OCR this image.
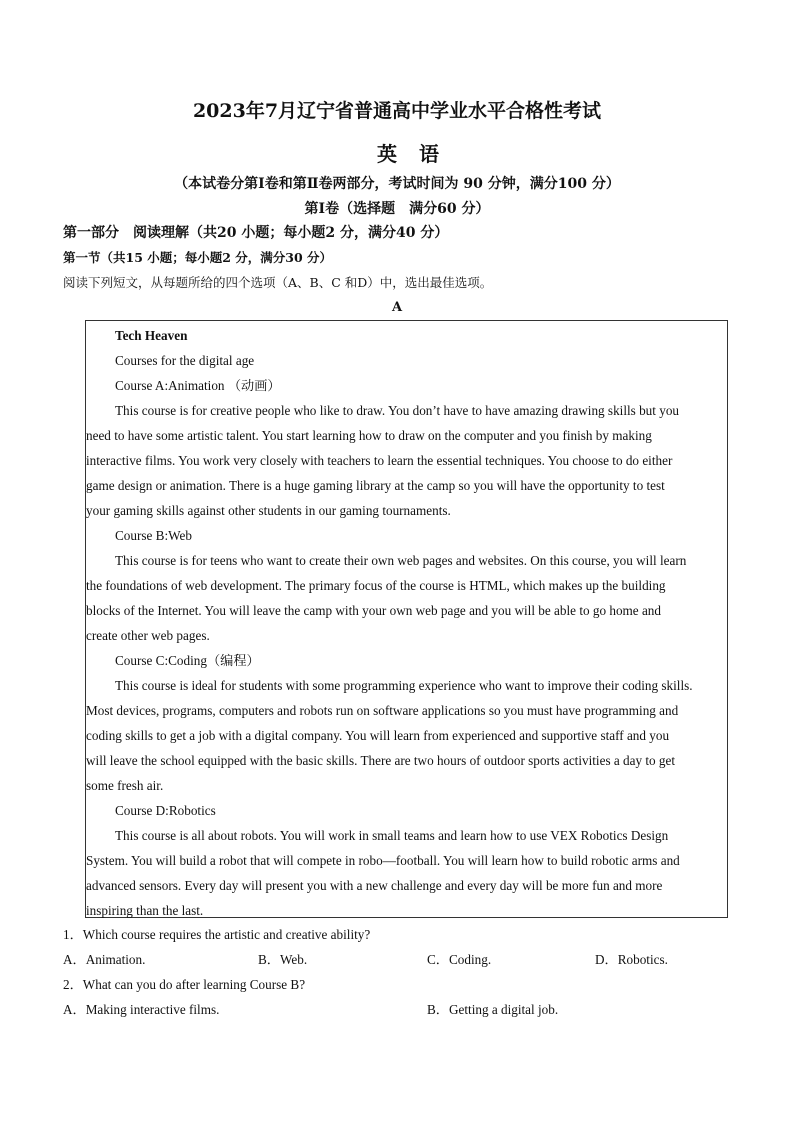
2023年7月辽宁省普通高中学业水平合格性考试
英语
（本试卷分第Ⅰ卷和第Ⅱ卷两部分，考试时间为 90 分钟，满分100 分）
第Ⅰ卷（选择题　满分60 分）
第一部分　阅读理解（共20 小题；每小题2 分，满分40 分）
第一节（共15 小题；每小题2 分，满分30 分）
阅读下列短文，从每题所给的四个选项（A、B、C 和D）中，选出最佳选项。
A
Tech Heaven
Courses for the digital age
Course A:Animation （动画）
This course is for creative people who like to draw. You don’t have to have amazing drawing skills but you
need to have some artistic talent. You start learning how to draw on the computer and you finish by making
interactive films. You work very closely with teachers to learn the essential techniques. You choose to do either
game design or animation. There is a huge gaming library at the camp so you will have the opportunity to test
your gaming skills against other students in our gaming tournaments.
Course B:Web
This course is for teens who want to create their own web pages and websites. On this course, you will learn
the foundations of web development. The primary focus of the course is HTML, which makes up the building
blocks of the Internet. You will leave the camp with your own web page and you will be able to go home and
create other web pages.
Course C:Coding（编程）
This course is ideal for students with some programming experience who want to improve their coding skills.
Most devices, programs, computers and robots run on software applications so you must have programming and
coding skills to get a job with a digital company. You will learn from experienced and supportive staff and you
will leave the school equipped with the basic skills. There are two hours of outdoor sports activities a day to get
some fresh air.
Course D:Robotics
This course is all about robots. You will work in small teams and learn how to use VEX Robotics Design
System. You will build a robot that will compete in robo—football. You will learn how to build robotic arms and
advanced sensors. Every day will present you with a new challenge and every day will be more fun and more
inspiring than the last.
1．Which course requires the artistic and creative ability?
A．Animation.	B．Web.	C．Coding.	D．Robotics.
2．What can you do after learning Course B?
A．Making interactive films.	B．Getting a digital job.
